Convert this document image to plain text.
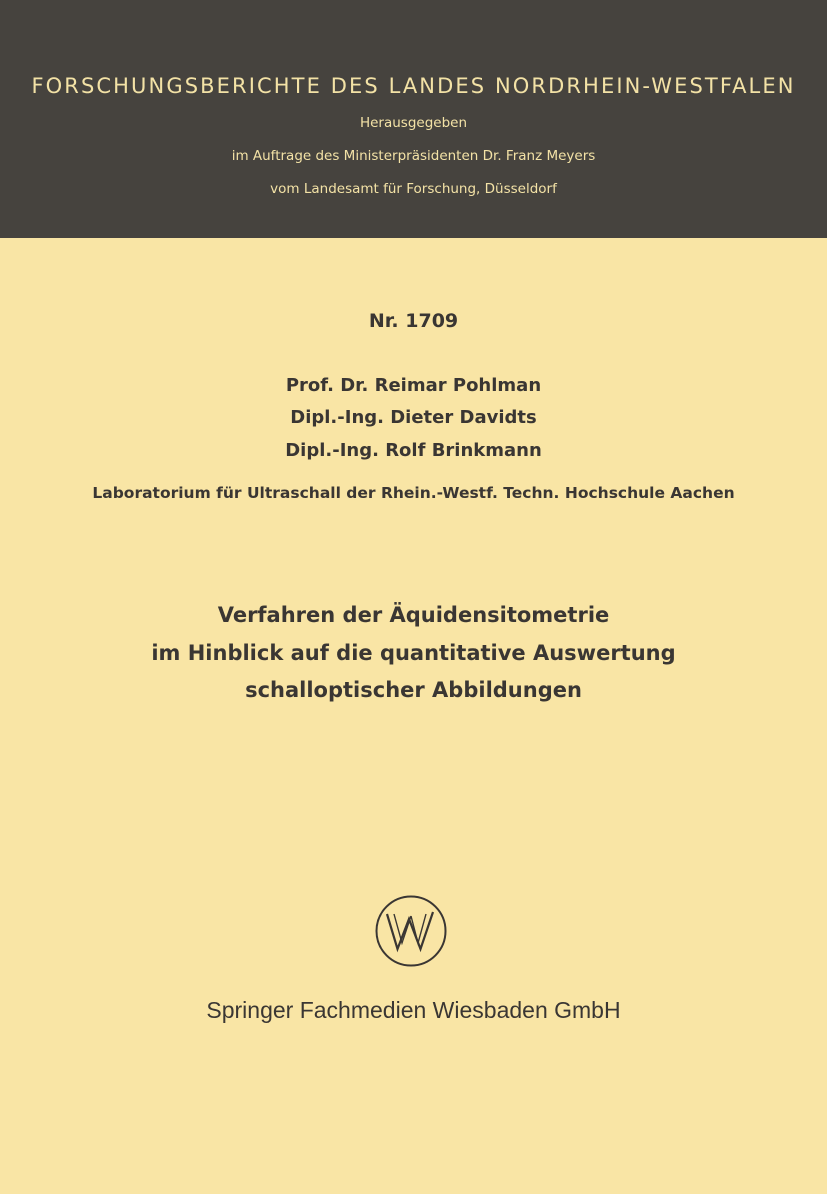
FORSCHUNGSBERICHTE DES LANDES NORDRHEIN-WESTFALEN
Herausgegeben
im Auftrage des Ministerpräsidenten Dr. Franz Meyers
vom Landesamt für Forschung, Düsseldorf
Nr. 1709
Prof. Dr. Reimar Pohlman
Dipl.-Ing. Dieter Davidts
Dipl.-Ing. Rolf Brinkmann
Laboratorium für Ultraschall der Rhein.-Westf. Techn. Hochschule Aachen
Verfahren der Äquidensitometrie
im Hinblick auf die quantitative Auswertung
schalloptischer Abbildungen
Springer Fachmedien Wiesbaden GmbH
